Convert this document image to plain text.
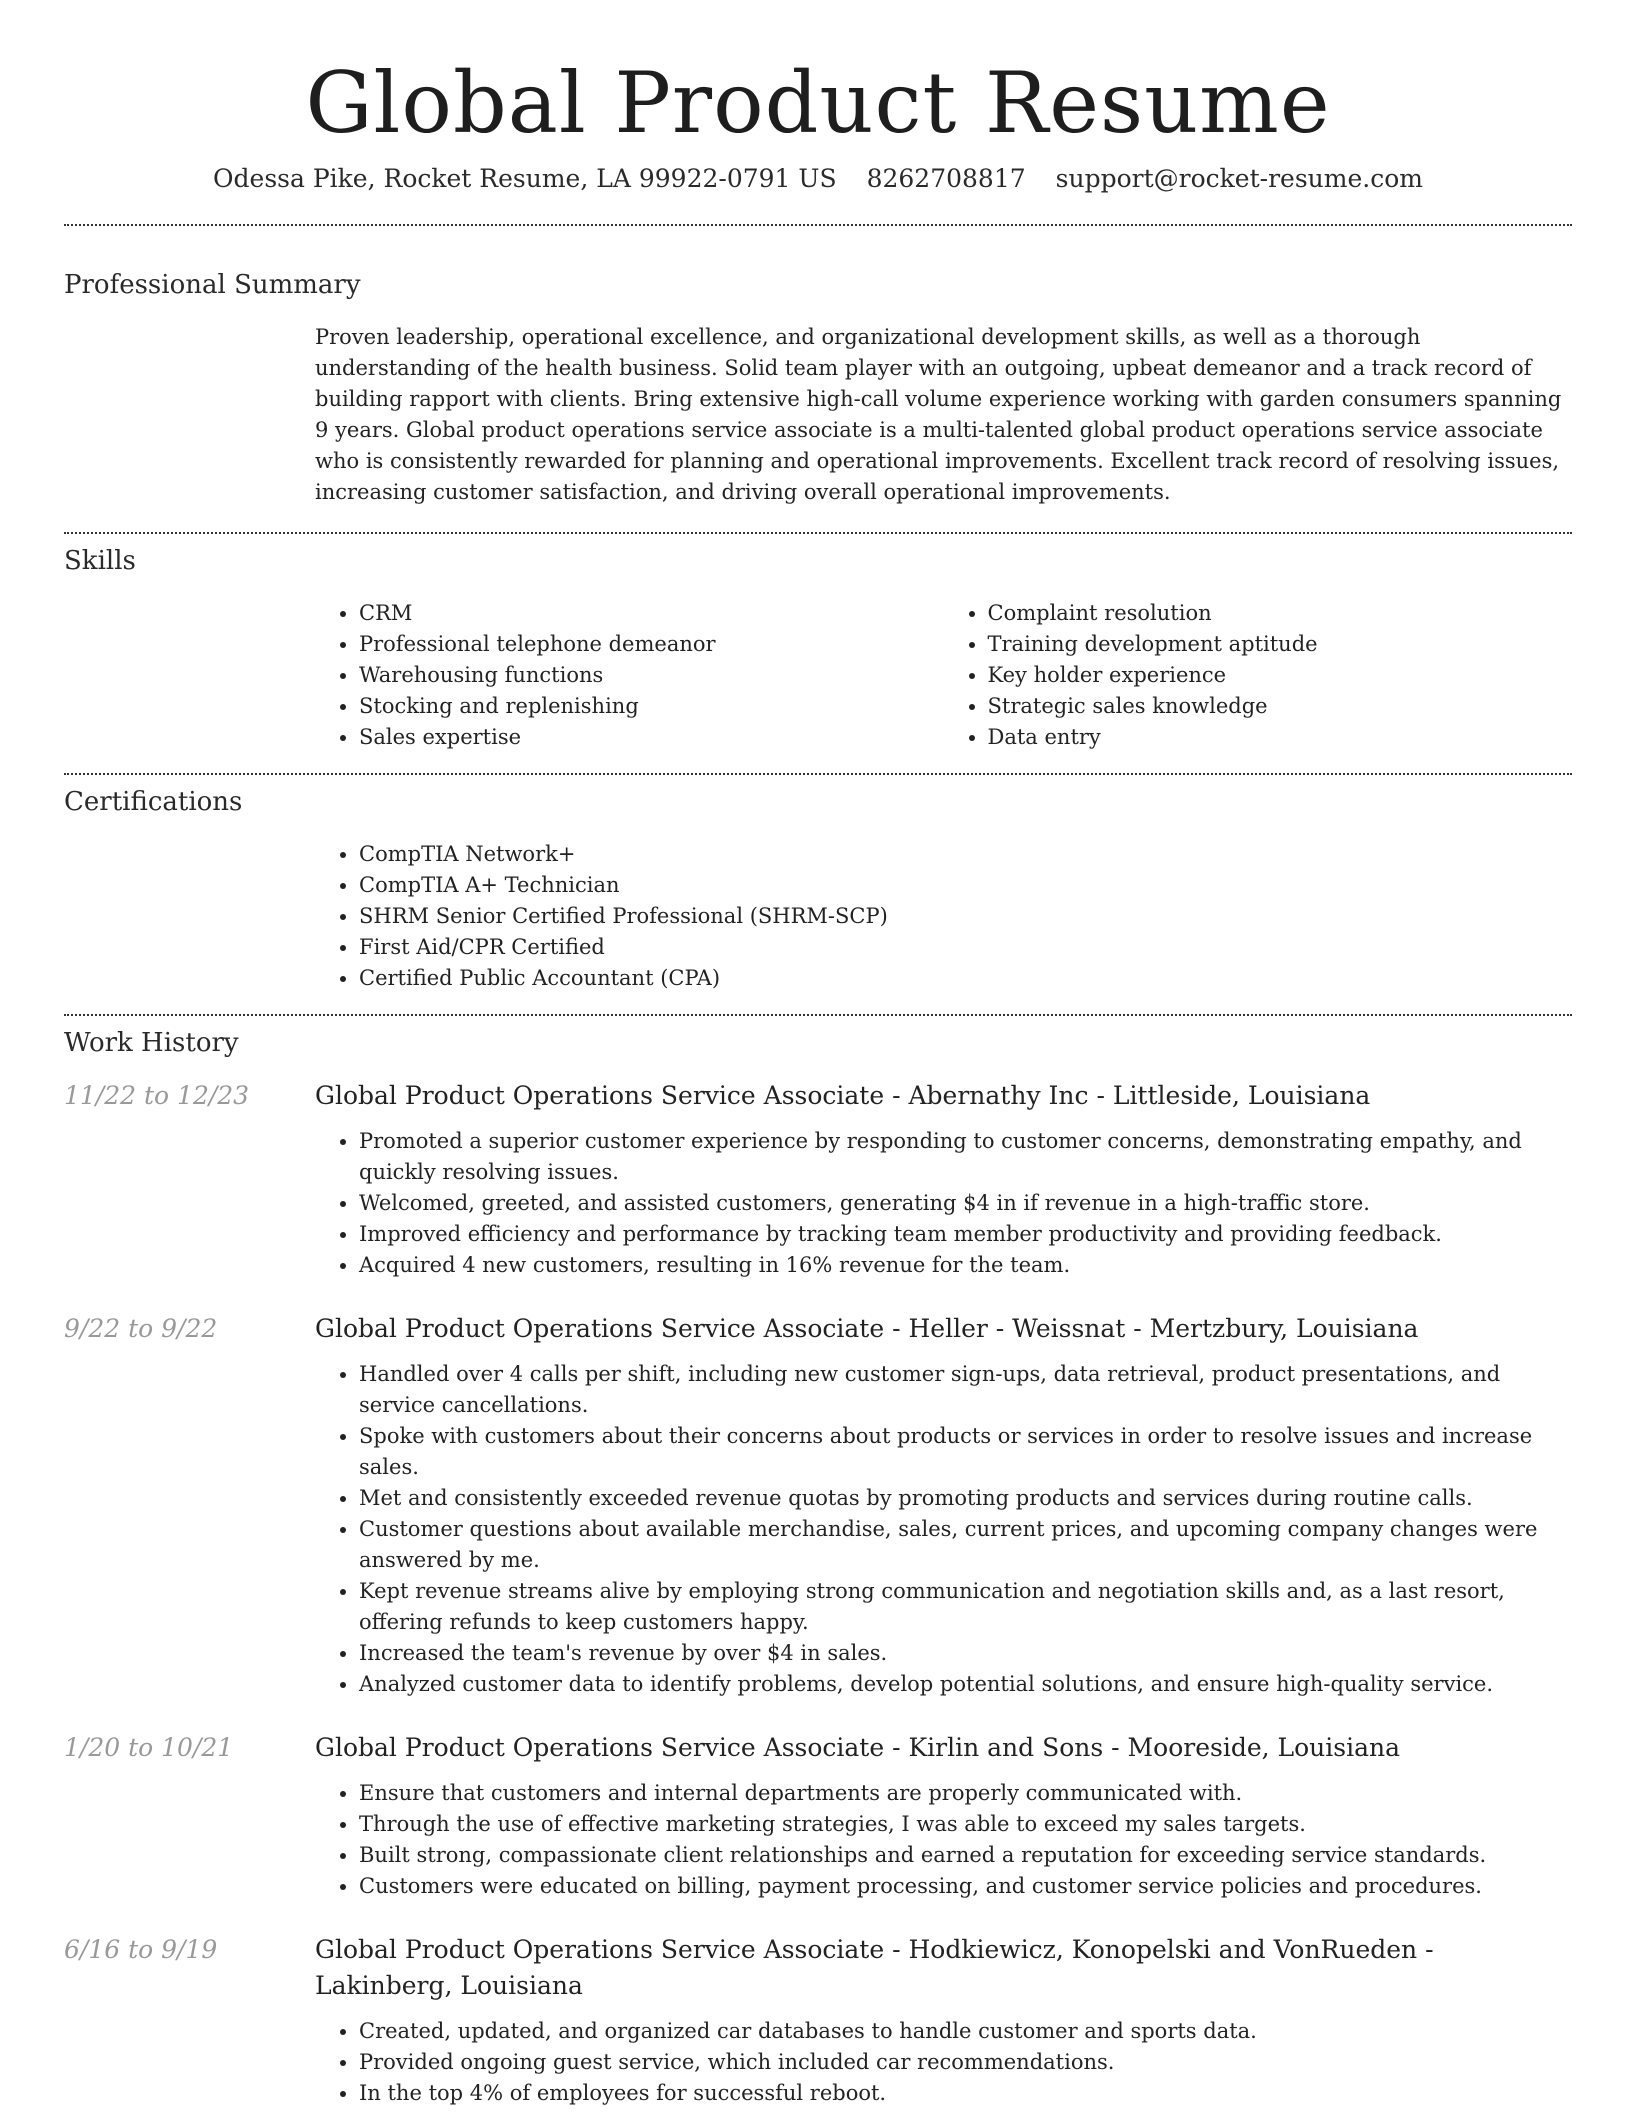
Global Product Resume
Odessa Pike, Rocket Resume, LA 99922-0791 US 8262708817 support@rocket-resume.com
Professional Summary

Proven leadership, operational excellence, and organizational development skills, as well as a thorough understanding of the health business. Solid team player with an outgoing, upbeat demeanor and a track record of building rapport with clients. Bring extensive high-call volume experience working with garden consumers spanning 9 years. Global product operations service associate is a multi-talented global product operations service associate who is consistently rewarded for planning and operational improvements. Excellent track record of resolving issues, increasing customer satisfaction, and driving overall operational improvements.

Skills
• CRM
• Professional telephone demeanor
• Warehousing functions
• Stocking and replenishing
• Sales expertise
• Complaint resolution
• Training development aptitude
• Key holder experience
• Strategic sales knowledge
• Data entry
Certifications
• CompTIA Network+
• CompTIA A+ Technician
• SHRM Senior Certified Professional (SHRM-SCP)
• First Aid/CPR Certified
• Certified Public Accountant (CPA)
Work History
11/22 to 12/23	Global Product Operations Service Associate - Abernathy Inc - Littleside, Louisiana
• Promoted a superior customer experience by responding to customer concerns, demonstrating empathy, and quickly resolving issues.
• Welcomed, greeted, and assisted customers, generating $4 in if revenue in a high-traffic store.
• Improved efficiency and performance by tracking team member productivity and providing feedback.
• Acquired 4 new customers, resulting in 16% revenue for the team.
9/22 to 9/22	Global Product Operations Service Associate - Heller - Weissnat - Mertzbury, Louisiana
• Handled over 4 calls per shift, including new customer sign-ups, data retrieval, product presentations, and service cancellations.
• Spoke with customers about their concerns about products or services in order to resolve issues and increase sales.
• Met and consistently exceeded revenue quotas by promoting products and services during routine calls.
• Customer questions about available merchandise, sales, current prices, and upcoming company changes were answered by me.
• Kept revenue streams alive by employing strong communication and negotiation skills and, as a last resort, offering refunds to keep customers happy.
• Increased the team's revenue by over $4 in sales.
• Analyzed customer data to identify problems, develop potential solutions, and ensure high-quality service.
1/20 to 10/21	Global Product Operations Service Associate - Kirlin and Sons - Mooreside, Louisiana
• Ensure that customers and internal departments are properly communicated with.
• Through the use of effective marketing strategies, I was able to exceed my sales targets.
• Built strong, compassionate client relationships and earned a reputation for exceeding service standards.
• Customers were educated on billing, payment processing, and customer service policies and procedures.
6/16 to 9/19	Global Product Operations Service Associate - Hodkiewicz, Konopelski and VonRueden - Lakinberg, Louisiana
• Created, updated, and organized car databases to handle customer and sports data.
• Provided ongoing guest service, which included car recommendations.
• In the top 4% of employees for successful reboot.
